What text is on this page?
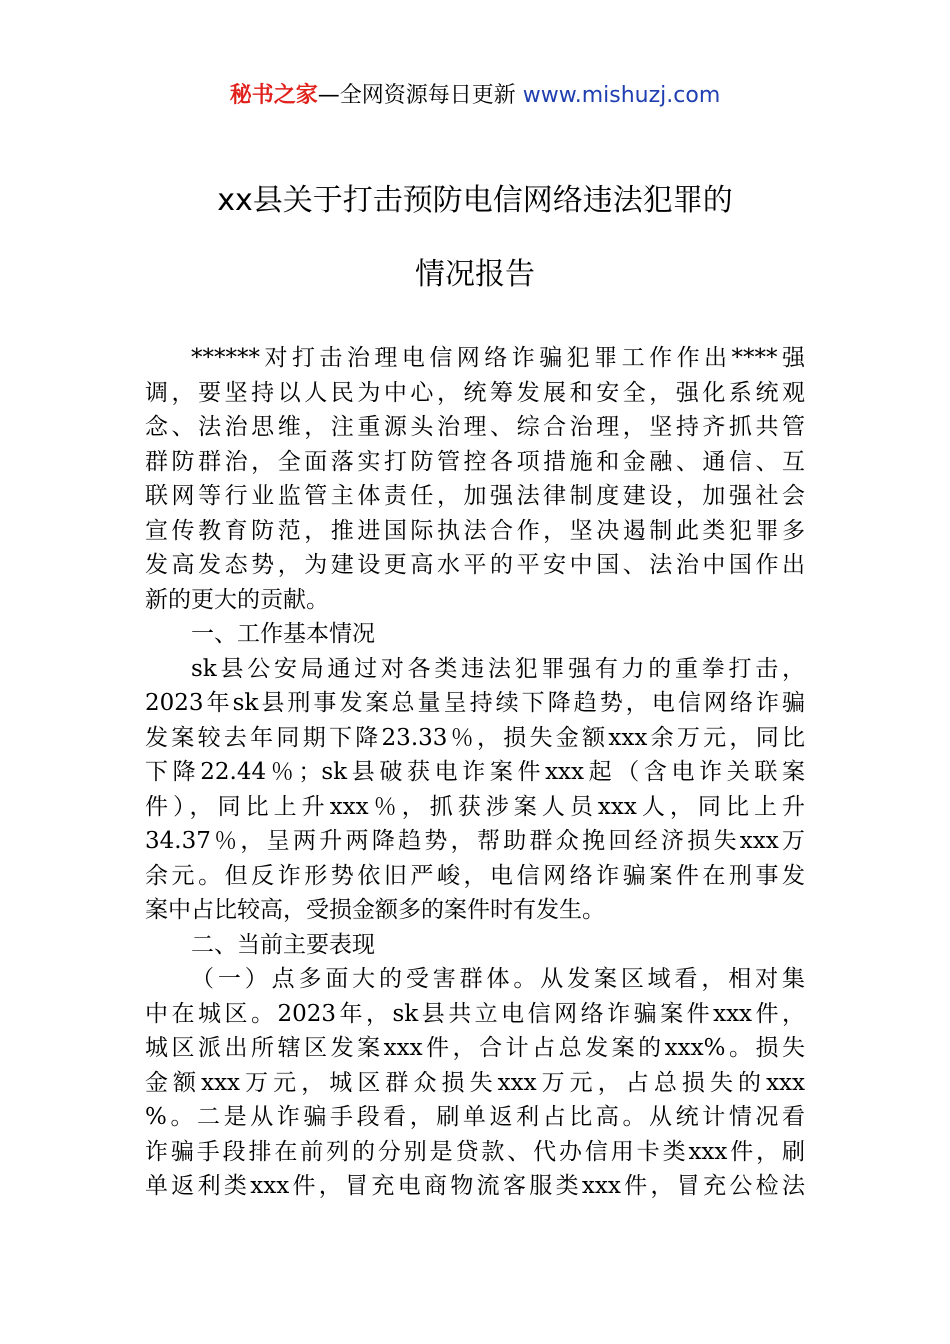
秘书之家—全网资源每日更新 www.mishuzj.com
xx县关于打击预防电信网络违法犯罪的
情况报告
******对打击治理电信网络诈骗犯罪工作作出****强
调，要坚持以人民为中心，统筹发展和安全，强化系统观
念、法治思维，注重源头治理、综合治理，坚持齐抓共管
群防群治，全面落实打防管控各项措施和金融、通信、互
联网等行业监管主体责任，加强法律制度建设，加强社会
宣传教育防范，推进国际执法合作，坚决遏制此类犯罪多
发高发态势，为建设更高水平的平安中国、法治中国作出
新的更大的贡献。
一、工作基本情况
sk县公安局通过对各类违法犯罪强有力的重拳打击，
2023年sk县刑事发案总量呈持续下降趋势，电信网络诈骗
发案较去年同期下降23.33％，损失金额xxx余万元，同比
下降22.44％；sk县破获电诈案件xxx起（含电诈关联案
件），同比上升xxx％，抓获涉案人员xxx人，同比上升
34.37％，呈两升两降趋势，帮助群众挽回经济损失xxx万
余元。但反诈形势依旧严峻，电信网络诈骗案件在刑事发
案中占比较高，受损金额多的案件时有发生。
二、当前主要表现
（一）点多面大的受害群体。从发案区域看，相对集
中在城区。2023年，sk县共立电信网络诈骗案件xxx件，
城区派出所辖区发案xxx件，合计占总发案的xxx%。损失
金额xxx万元，城区群众损失xxx万元，占总损失的xxx
%。二是从诈骗手段看，刷单返利占比高。从统计情况看
诈骗手段排在前列的分别是贷款、代办信用卡类xxx件，刷
单返利类xxx件，冒充电商物流客服类xxx件，冒充公检法
